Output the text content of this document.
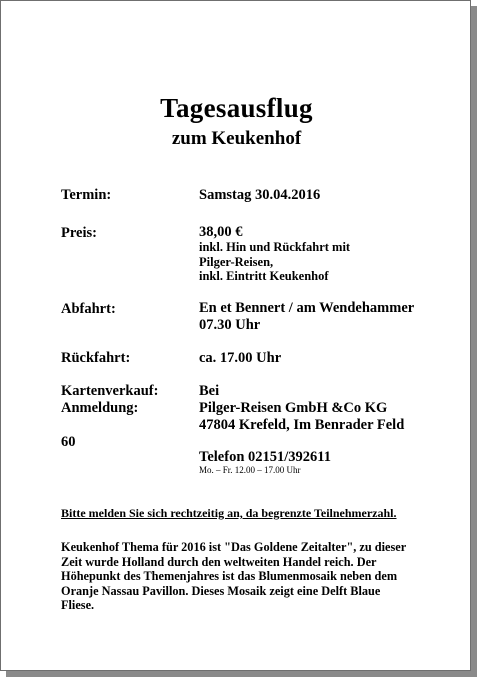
Tagesausflug
zum Keukenhof
Termin:	Samstag 30.04.2016
Preis:	38,00 €
inkl. Hin und Rückfahrt mit
Pilger-Reisen,
inkl. Eintritt Keukenhof
Abfahrt:	En et Bennert / am Wendehammer
07.30 Uhr
Rückfahrt:	ca. 17.00 Uhr
Kartenverkauf:	Bei
Anmeldung:	Pilger-Reisen GmbH &Co KG
47804 Krefeld, Im Benrader Feld
60
Telefon 02151/392611
Mo. – Fr. 12.00 – 17.00 Uhr
Bitte melden Sie sich rechtzeitig an, da begrenzte Teilnehmerzahl.
Keukenhof Thema für 2016 ist "Das Goldene Zeitalter", zu dieser
Zeit wurde Holland durch den weltweiten Handel reich. Der
Höhepunkt des Themenjahres ist das Blumenmosaik neben dem
Oranje Nassau Pavillon. Dieses Mosaik zeigt eine Delft Blaue
Fliese.
